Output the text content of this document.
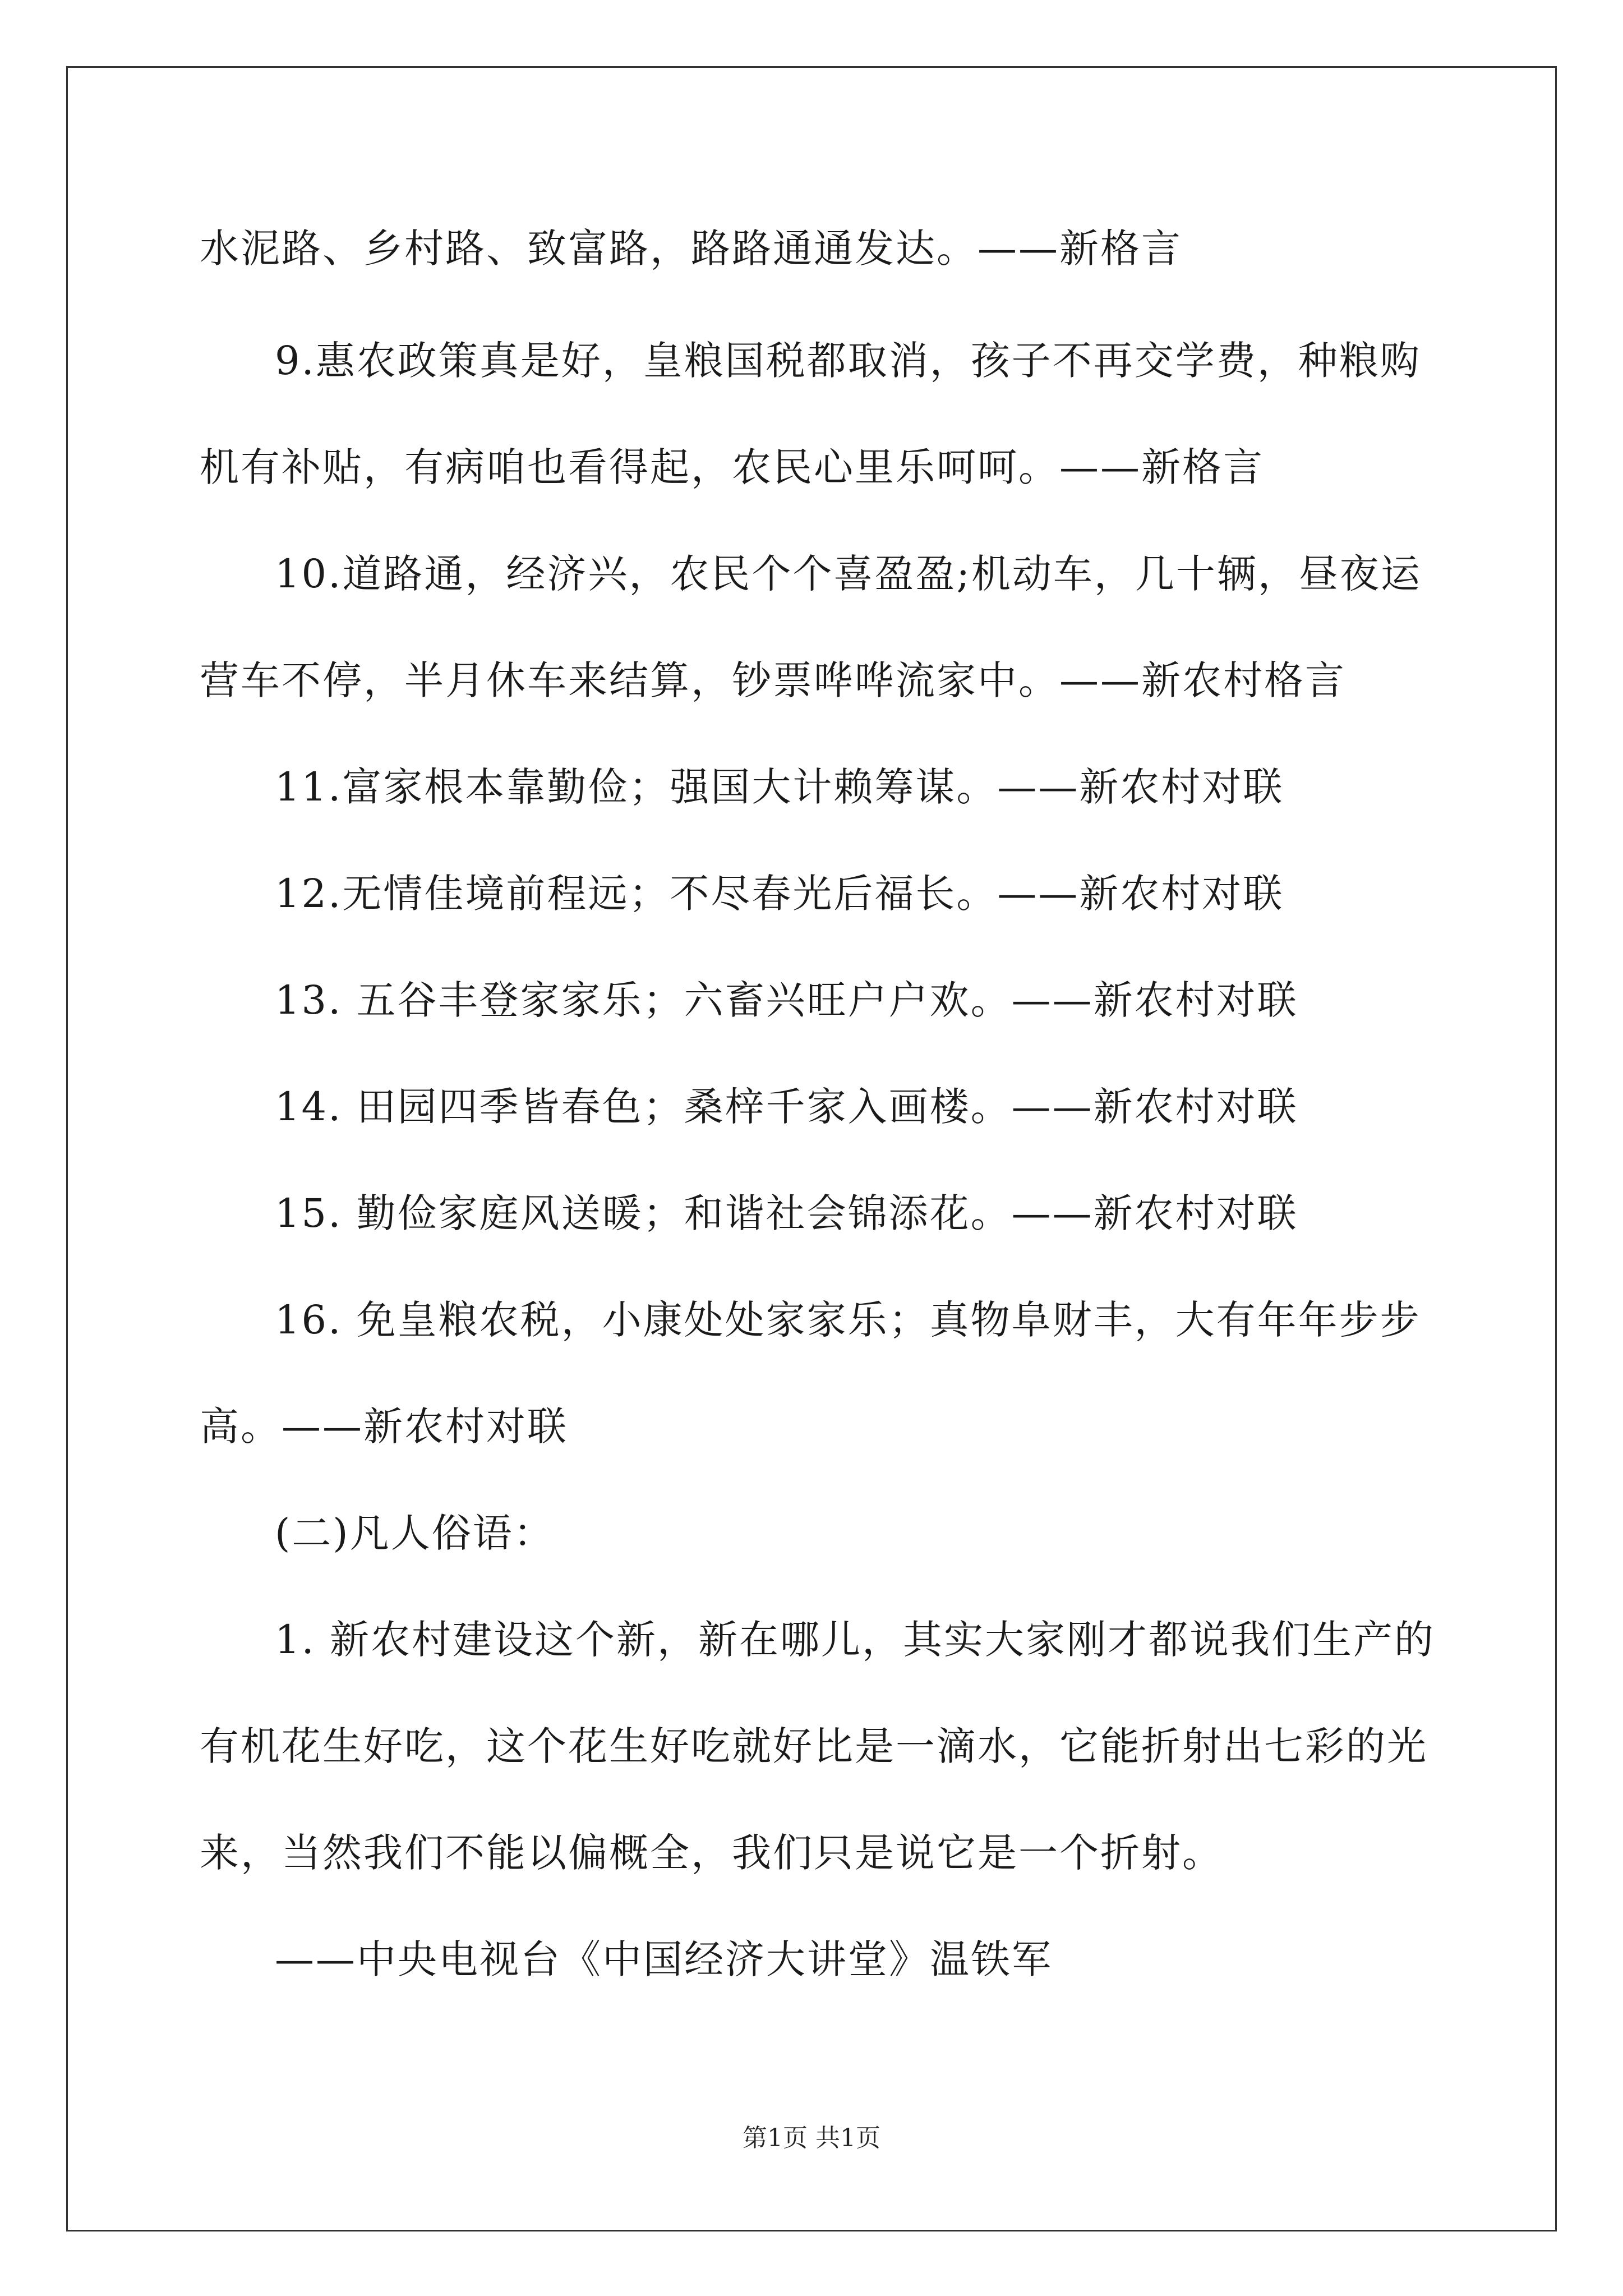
水泥路、乡村路、致富路，路路通通发达。——新格言
9.惠农政策真是好，皇粮国税都取消，孩子不再交学费，种粮购
机有补贴，有病咱也看得起，农民心里乐呵呵。——新格言
10.道路通，经济兴，农民个个喜盈盈;机动车，几十辆，昼夜运
营车不停，半月休车来结算，钞票哗哗流家中。——新农村格言
11.富家根本靠勤俭；强国大计赖筹谋。——新农村对联
12.无情佳境前程远；不尽春光后福长。——新农村对联
13. 五谷丰登家家乐；六畜兴旺户户欢。——新农村对联
14. 田园四季皆春色；桑梓千家入画楼。——新农村对联
15. 勤俭家庭风送暖；和谐社会锦添花。——新农村对联
16. 免皇粮农税，小康处处家家乐；真物阜财丰，大有年年步步
高。——新农村对联
(二)凡人俗语：
1. 新农村建设这个新，新在哪儿，其实大家刚才都说我们生产的
有机花生好吃，这个花生好吃就好比是一滴水，它能折射出七彩的光
来，当然我们不能以偏概全，我们只是说它是一个折射。
——中央电视台《中国经济大讲堂》温铁军
第1页 共1页
